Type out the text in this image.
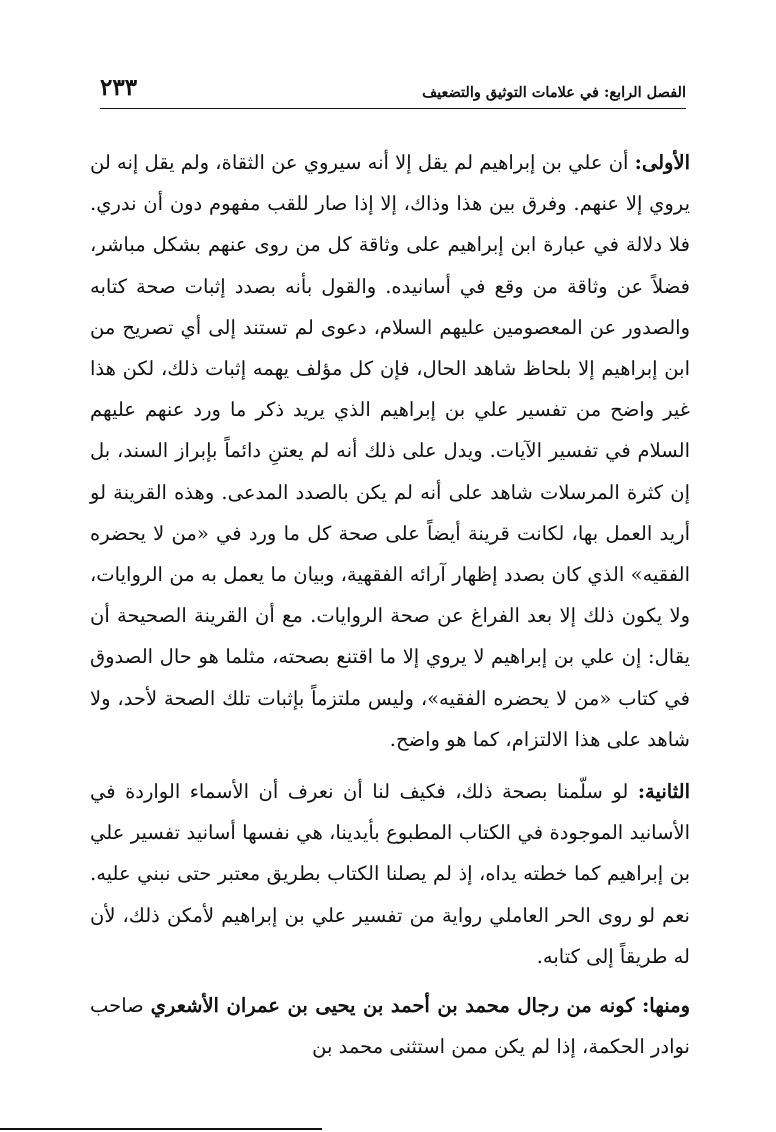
الفصل الرابع: في علامات التوثيق والتضعيف
٢٣٣

الأولى: أن علي بن إبراهيم لم يقل إلا أنه سيروي عن الثقاة، ولم يقل إنه لن يروي إلا عنهم. وفرق بين هذا وذاك، إلا إذا صار للقب مفهوم دون أن ندري. فلا دلالة في عبارة ابن إبراهيم على وثاقة كل من روى عنهم بشكل مباشر، فضلاً عن وثاقة من وقع في أسانيده. والقول بأنه بصدد إثبات صحة كتابه والصدور عن المعصومين عليهم السلام، دعوى لم تستند إلى أي تصريح من ابن إبراهيم إلا بلحاظ شاهد الحال، فإن كل مؤلف يهمه إثبات ذلك، لكن هذا غير واضح من تفسير علي بن إبراهيم الذي يريد ذكر ما ورد عنهم عليهم السلام في تفسير الآيات. ويدل على ذلك أنه لم يعتنِ دائماً بإبراز السند، بل إن كثرة المرسلات شاهد على أنه لم يكن بالصدد المدعى. وهذه القرينة لو أريد العمل بها، لكانت قرينة أيضاً على صحة كل ما ورد في «من لا يحضره الفقيه» الذي كان بصدد إظهار آرائه الفقهية، وبيان ما يعمل به من الروايات، ولا يكون ذلك إلا بعد الفراغ عن صحة الروايات. مع أن القرينة الصحيحة أن يقال: إن علي بن إبراهيم لا يروي إلا ما اقتنع بصحته، مثلما هو حال الصدوق في كتاب «من لا يحضره الفقيه»، وليس ملتزماً بإثبات تلك الصحة لأحد، ولا شاهد على هذا الالتزام، كما هو واضح.

الثانية: لو سلّمنا بصحة ذلك، فكيف لنا أن نعرف أن الأسماء الواردة في الأسانيد الموجودة في الكتاب المطبوع بأيدينا، هي نفسها أسانيد تفسير علي بن إبراهيم كما خطته يداه، إذ لم يصلنا الكتاب بطريق معتبر حتى نبني عليه. نعم لو روى الحر العاملي رواية من تفسير علي بن إبراهيم لأمكن ذلك، لأن له طريقاً إلى كتابه.

ومنها: كونه من رجال محمد بن أحمد بن يحيى بن عمران الأشعري صاحب نوادر الحكمة، إذا لم يكن ممن استثنى محمد بن
